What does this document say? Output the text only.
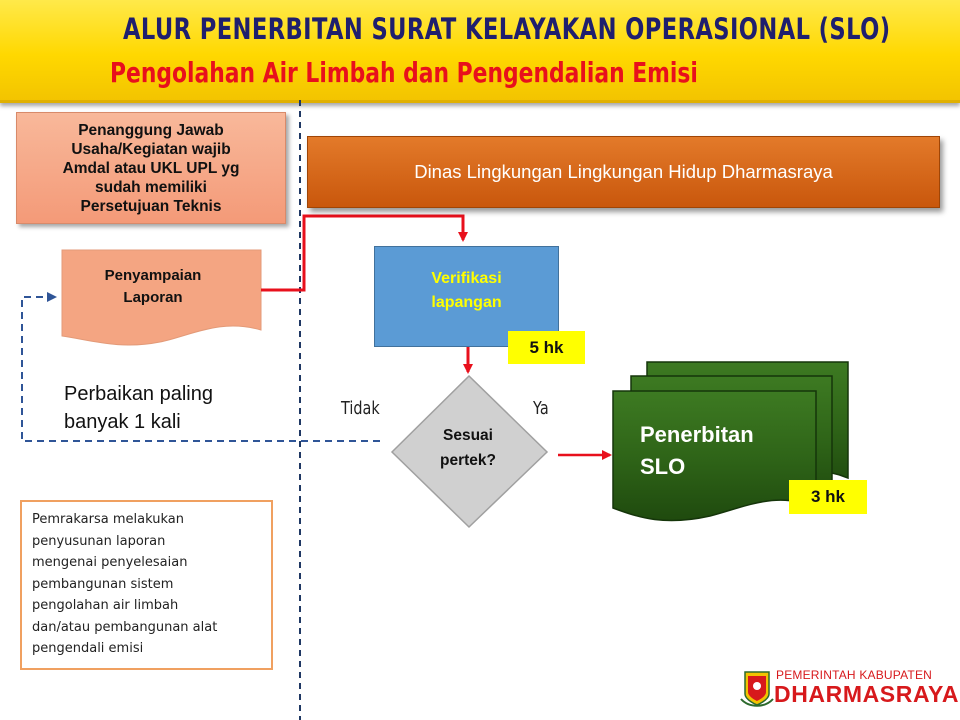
ALUR PENERBITAN SURAT KELAYAKAN OPERASIONAL (SLO)
Pengolahan Air Limbah dan Pengendalian Emisi
Penanggung Jawab
Usaha/Kegiatan wajib
Amdal atau UKL UPL yg
sudah memiliki
Persetujuan Teknis
Dinas Lingkungan Lingkungan Hidup Dharmasraya
Penyampaian
Laporan
Verifikasi
lapangan
5 hk
Perbaikan paling
banyak 1 kali
Tidak	Ya
Sesuai
pertek?
Penerbitan
SLO
3 hk
Pemrakarsa melakukan
penyusunan laporan
mengenai penyelesaian
pembangunan sistem
pengolahan air limbah
dan/atau pembangunan alat
pengendali emisi
PEMERINTAH KABUPATEN
DHARMASRAYA
